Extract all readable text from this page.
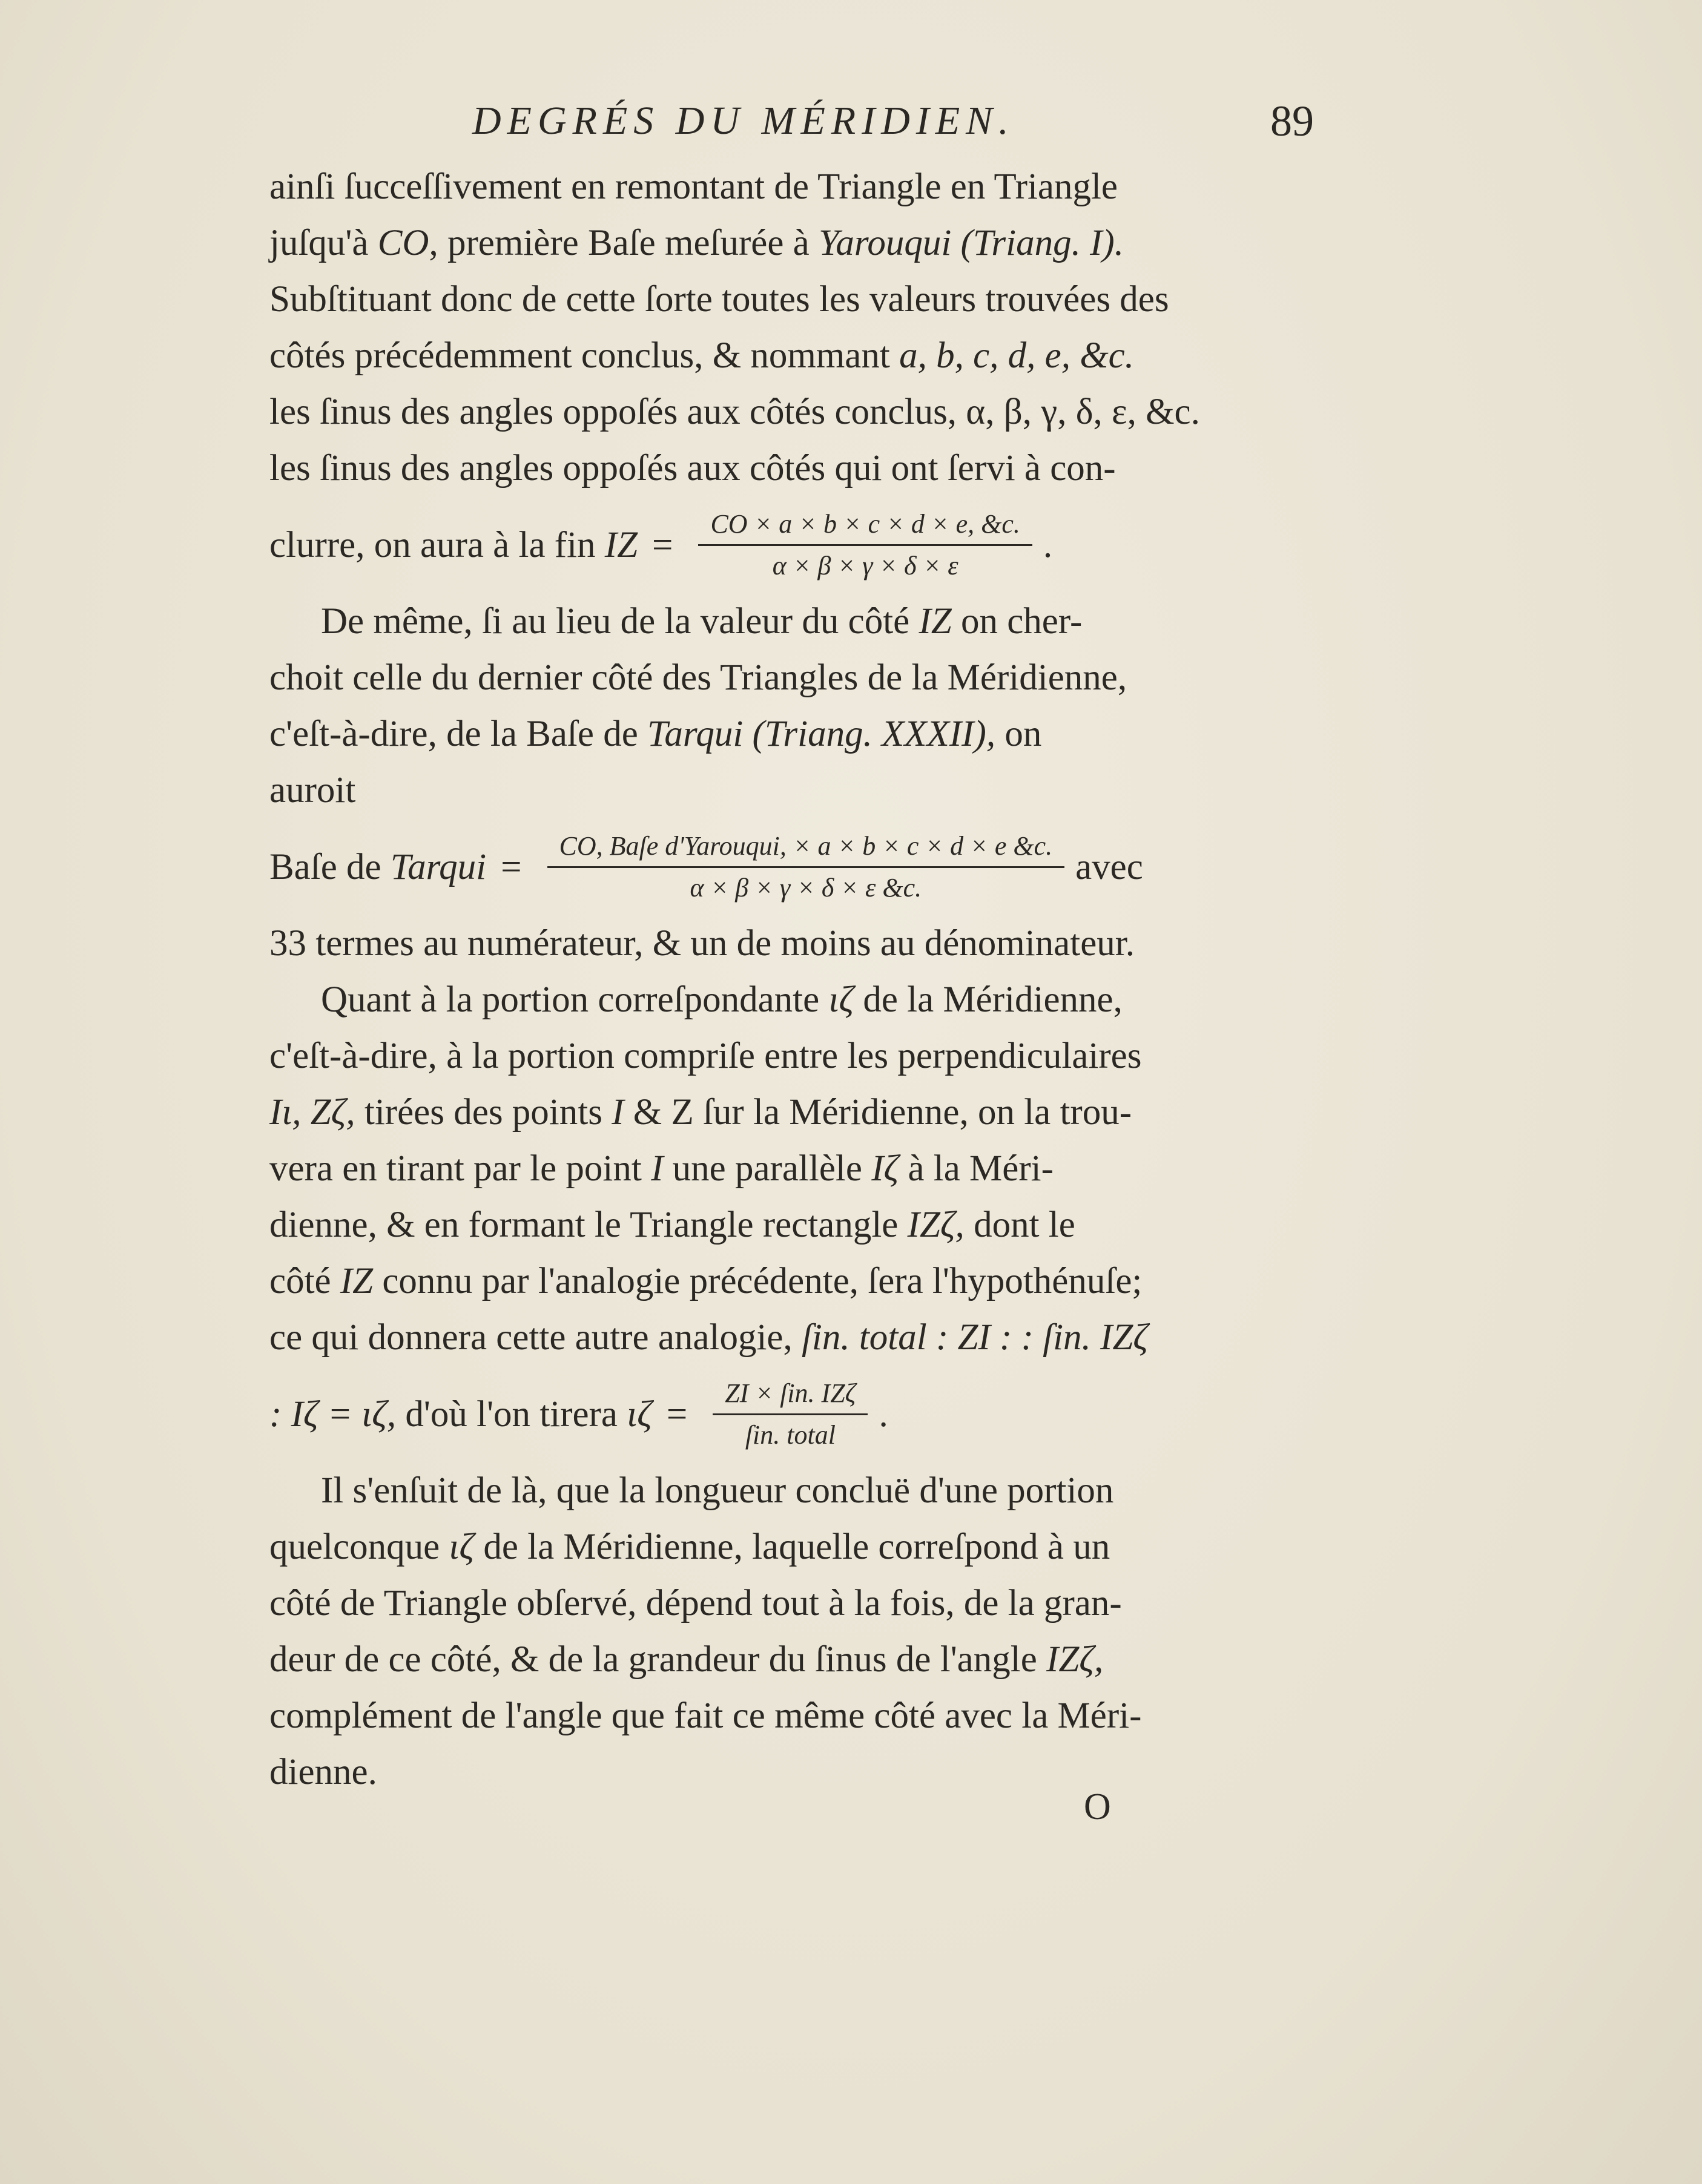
DEGRÉS DU MÉRIDIEN.	89
ainſi ſucceſſivement en remontant de Triangle en Triangle
juſqu'à
CO , première Baſe meſurée à
Yarouqui (Triang. I).
Subſtituant donc de cette ſorte toutes les valeurs trouvées des
côtés précédemment conclus, & nommant
a, b, c, d, e, &c.
les ſinus des angles oppoſés aux côtés conclus, α, β, γ, δ, ε, &c.
les ſinus des angles oppoſés aux côtés qui ont ſervi à con-
clurre, on aura à la fin
IZ = $\frac{CO \times a \times b \times c \times d \times e, \&c.}{\alpha \times \beta \times \gamma \times \delta \times \varepsilon}$ .
De même, ſi au lieu de la valeur du côté
IZ
on cher-
choit celle du dernier côté des Triangles de la Méridienne,
c'eſt-à-dire, de la Baſe de
Tarqui (Triang. XXXII),
on
auroit
Baſe de
Tarqui = $\frac{\text{CO, Baſe d'Yarouqui, × a × b × c × d × e \&c.}}{\alpha \times \beta \times \gamma \times \delta \times \varepsilon \&c.}$ avec
33 termes au numérateur, & un de moins au dénominateur.
Quant à la portion correſpondante
ιζ
de la Méridienne,
c'eſt-à-dire, à la portion compriſe entre les perpendiculaires
Iι, Zζ,
tirées des points
I
&
Z
ſur la Méridienne, on la trou-
vera en tirant par le point
I
une parallèle
Iζ
à la Méri-
dienne, & en formant le Triangle rectangle
IZζ,
dont le
côté
IZ
connu par l'analogie précédente, ſera l'hypothénuſe;
ce qui donnera cette autre analogie,
ſin. total : ZI : : ſin. IZζ
: Iζ = ιζ,
d'où l'on tirera
$\iota\zeta = \frac{\text{ZI × ſin. IZζ}}{\text{ſin. total}}$ .
Il s'enſuit de là, que la longueur concluë d'une portion
quelconque
ιζ
de la Méridienne, laquelle correſpond à un
côté de Triangle obſervé, dépend tout à la fois, de la gran-
deur de ce côté, & de la grandeur du ſinus de l'angle
IZζ,
complément de l'angle que fait ce même côté avec la Méri-
dienne.
O
